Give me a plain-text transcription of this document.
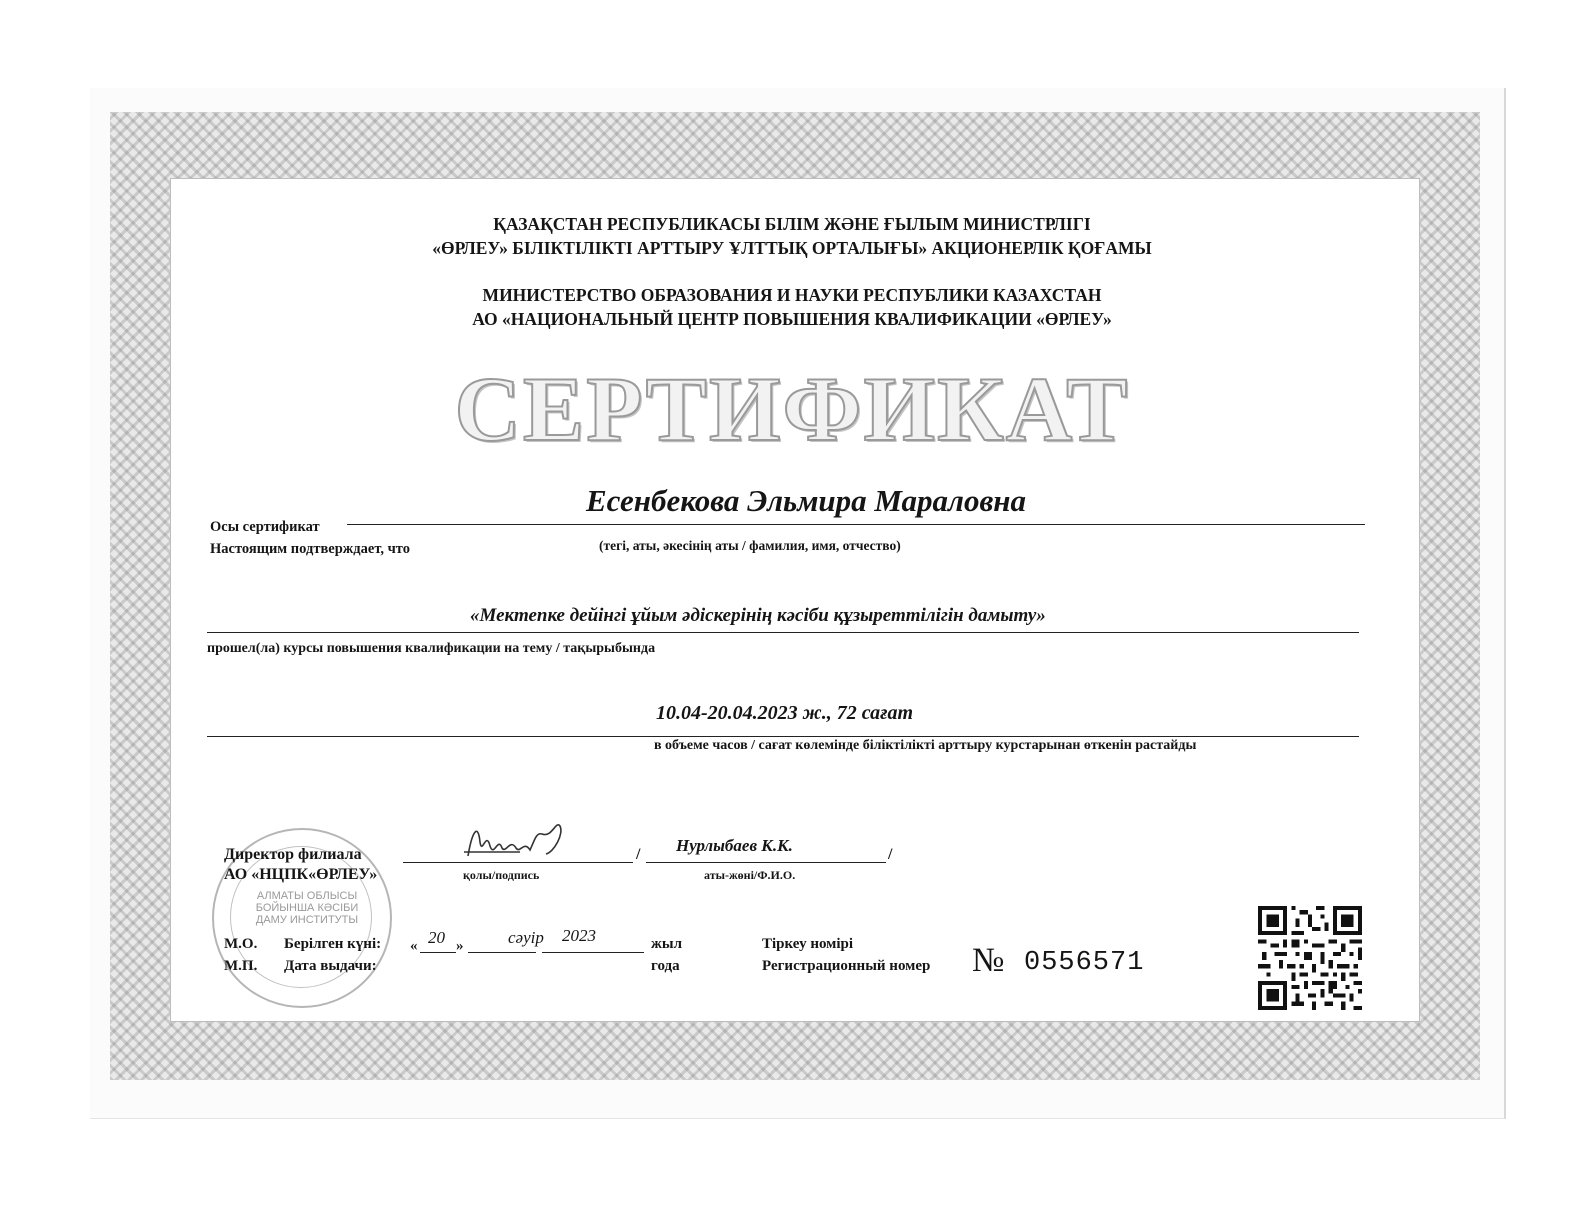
ҚАЗАҚСТАН РЕСПУБЛИКАСЫ БІЛІМ ЖӘНЕ ҒЫЛЫМ МИНИСТРЛІГІ
«ӨРЛЕУ» БІЛІКТІЛІКТІ АРТТЫРУ ҰЛТТЫҚ ОРТАЛЫҒЫ» АКЦИОНЕРЛІК ҚОҒАМЫ
МИНИСТЕРСТВО ОБРАЗОВАНИЯ И НАУКИ РЕСПУБЛИКИ КАЗАХСТАН
АО «НАЦИОНАЛЬНЫЙ ЦЕНТР ПОВЫШЕНИЯ КВАЛИФИКАЦИИ «ӨРЛЕУ»
СЕРТИФИКАТ
Есенбекова Эльмира Мараловна
Осы сертификат
Настоящим подтверждает, что	(тегі, аты, әкесінің аты / фамилия, имя, отчество)
«Мектепке дейінгі ұйым әдіскерінің кәсіби құзыреттілігін дамыту»
прошел(ла) курсы повышения квалификации на тему / тақырыбында
10.04-20.04.2023 ж., 72 сағат
в объеме часов / сағат көлемінде біліктілікті арттыру курстарынан өткенін растайды
АЛМАТЫ ОБЛЫСЫ БОЙЫНША КӘСІБИ ДАМУ ИНСТИТУТЫ
Директор филиала
АО «НЦПК«ӨРЛЕУ»
/ Нурлыбаев К.К.	/
қолы/подпись	аты-жөні/Ф.И.О.
М.О.
М.П.
Берілген күні:
Дата выдачи:
« 20 »	сәуір 2023	жыл
года
Тіркеу номірі
Регистрационный номер № 0556571
